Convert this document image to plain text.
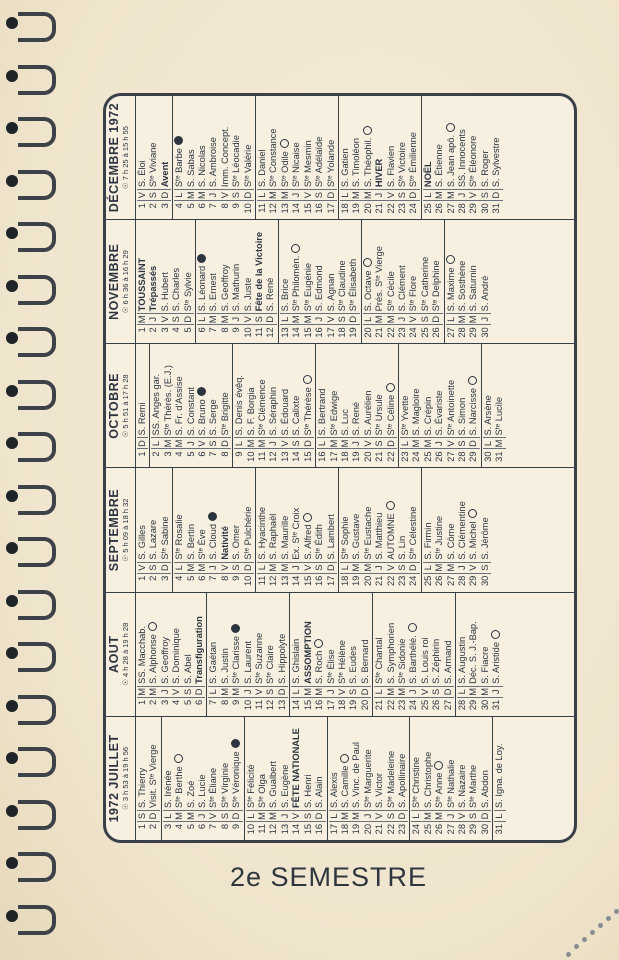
1972 JUILLET ☉ 3 h 53 à 19 h 56
1
S
S. Thierry
2
D
Visit. Sᵗᵉ Vierge
3
L
S. Irénée
4
M
Sᵗᵉ Berthe
5
M
S. Zoé
6
J
S. Lucie
7
V
Sᵗᵉ Éliane
8
S
Sᵗᵉ Virginie
9
D
Sᵗᵉ Véronique
10
L
Sᵗᵉ Félicité
11
M
Sᵗᵉ Olga
12
M
S. Gualbert
13
J
S. Eugène
14
V
FÊTE NATIONALE
15
S
S. Henri
16
D
S. Alain
17
L
S. Alexis
18
M
S. Camille
19
M
S. Vinc. de Paul
20
J
Sᵗᵉ Marguerite
21
V
S. Victor
22
S
Sᵗᵉ Madeleine
23
D
S. Apollinaire
24
L
Sᵗᵉ Christine
25
M
S. Christophe
26
M
Sᵗᵉ Anne
27
J
Sᵗᵉ Nathalie
28
V
S. Nazaire
29
S
Sᵗᵉ Marthe
30
D
S. Abdon
31
L
S. Igna. de Loy.
AOUT ☉ 4 h 28 à 19 h 28
1
M
SS. Macchab.
2
M
S. Alphonse
3
J
S. Geoffroy
4
V
S. Dominique
5
S
S. Abel
6
D
Transfiguration
7
L
S. Gaétan
8
M
S. Justin
9
M
Sᵗᵉ Clarisse
10
J
S. Laurent
11
V
Sᵗᵉ Suzanne
12
S
Sᵗᵉ Claire
13
D
S. Hippolyte
14
L
S. Ghislain
15
M
ASSOMPTION
16
M
S. Roch
17
J
Sᵗᵉ Élise
18
V
Sᵗᵉ Hélène
19
S
S. Eudes
20
D
S. Bernard
21
L
Sᵗᵉ Chantal
22
M
S. Symphorien
23
M
Sᵗᵉ Sidonie
24
J
S. Barthélé.
25
V
S. Louis roi
26
S
S. Zéphirin
27
D
S. Armand
28
L
S. Augustin
29
M
Déc. S. J.-Bap.
30
M
S. Fiacre
31
J
S. Aristide
SEPTEMBRE ☉ 5 h 09 à 18 h 32
1
V
S. Gilles
2
S
S. Lazare
3
D
Sᵗᵉ Sabine
4
L
Sᵗᵉ Rosalie
5
M
S. Bertin
6
M
Sᵗᵉ Ève
7
J
S. Cloud
8
V
Nativité
9
S
S. Omer
10
D
Sᵗᵉ Pulchérie
11
L
S. Hyacinthe
12
M
S. Raphaël
13
M
S. Maurille
14
J
Ex. Sᵗᵉ Croix
15
V
S. Alfred
16
S
Sᵗᵉ Édith
17
D
S. Lambert
18
L
Sᵗᵉ Sophie
19
M
S. Gustave
20
M
Sᵗᵉ Eustache
21
J
S. Matthieu
22
V
AUTOMNE
23
S
S. Lin
24
D
Sᵗᵉ Célestine
25
L
S. Firmin
26
M
Sᵗᵉ Justine
27
M
S. Côme
28
J
S. Clémentine
29
V
S. Michel
30
S
S. Jérôme
OCTOBRE ☉ 5 h 51 à 17 h 28
1
D
S. Remi
2
L
SS. Anges gar.
3
M
Sᵗᵉ Thérès. (E.J.)
4
M
S. Fr. d'Assise
5
J
S. Constant
6
V
S. Bruno
7
S
S. Serge
8
D
Sᵗᵉ Brigitte
9
L
S. Denis évêq.
10
M
S. F. Borgia
11
M
Sᵗᵉ Clémence
12
J
S. Séraphin
13
V
S. Édouard
14
S
S. Calixte
15
D
Sᵗᵉ Thérèse
16
L
S. Bertrand
17
M
Sᵗᵉ Edwige
18
M
S. Luc
19
J
S. René
20
V
S. Aurélien
21
S
Sᵗᵉ Ursule
22
D
Sᵗᵉ Céline
23
L
Sᵗᵉ Yvette
24
M
S. Magloire
25
M
S. Crépin
26
J
S. Évariste
27
V
Sᵗᵉ Antoinette
28
S
S. Simon
29
D
S. Narcisse
30
L
S. Arsène
31
M
Sᵗᵉ Lucile
NOVEMBRE ☉ 6 h 36 à 16 h 29
1
M
TOUSSAINT
2
J
Trépassés
3
V
S. Hubert
4
S
S. Charles
5
D
Sᵗᵉ Sylvie
6
L
S. Léonard
7
M
S. Ernest
8
M
S. Geoffroy
9
J
S. Mathurin
10
V
S. Juste
11
S
Fête de la Victoire
12
D
S. René
13
L
S. Brice
14
M
Sᵗᵉ Philomèn.
15
M
Sᵗᵉ Eugénie
16
J
S. Edmond
17
V
S. Agnan
18
S
Sᵗᵉ Claudine
19
D
Sᵗᵉ Élisabeth
20
L
S. Octave
21
M
Prés. Sᵗᵉ Vierge
22
M
Sᵗᵉ Cécile
23
J
S. Clément
24
V
Sᵗᵉ Flore
25
S
Sᵗᵉ Catherine
26
D
Sᵗᵉ Delphine
27
L
S. Maxime
28
M
S. Sosthène
29
M
S. Saturnin
30
J
S. André
DÉCEMBRE 1972 ☉ 7 h 25 à 15 h 55
1
V
S. Éloi
2
S
Sᵗᵉ Viviane
3
D
Avent
4
L
Sᵗᵉ Barbe
5
M
S. Sabas
6
M
S. Nicolas
7
J
S. Ambroise
8
V
Imm. Concept.
9
S
Sᵗᵉ Léocadie
10
D
Sᵗᵉ Valérie
11
L
S. Daniel
12
M
Sᵗᵉ Constance
13
M
Sᵗᵉ Odile
14
J
Sᵗᵉ Nicaise
15
V
Sᵗᵉ Mesmin
16
S
Sᵗᵉ Adélaïde
17
D
Sᵗᵉ Yolande
18
L
S. Gatien
19
M
S. Timoléon
20
M
S. Théophil.
21
J
HIVER
22
V
S. Flavien
23
S
Sᵗᵉ Victoire
24
D
Sᵗᵉ Émilienne
25
L
NOËL
26
M
S. Étienne
27
M
S. Jean apô.
28
J
SS. Innocents
29
V
Sᵗᵉ Éléonore
30
S
S. Roger
31
D
S. Sylvestre
2e SEMESTRE
